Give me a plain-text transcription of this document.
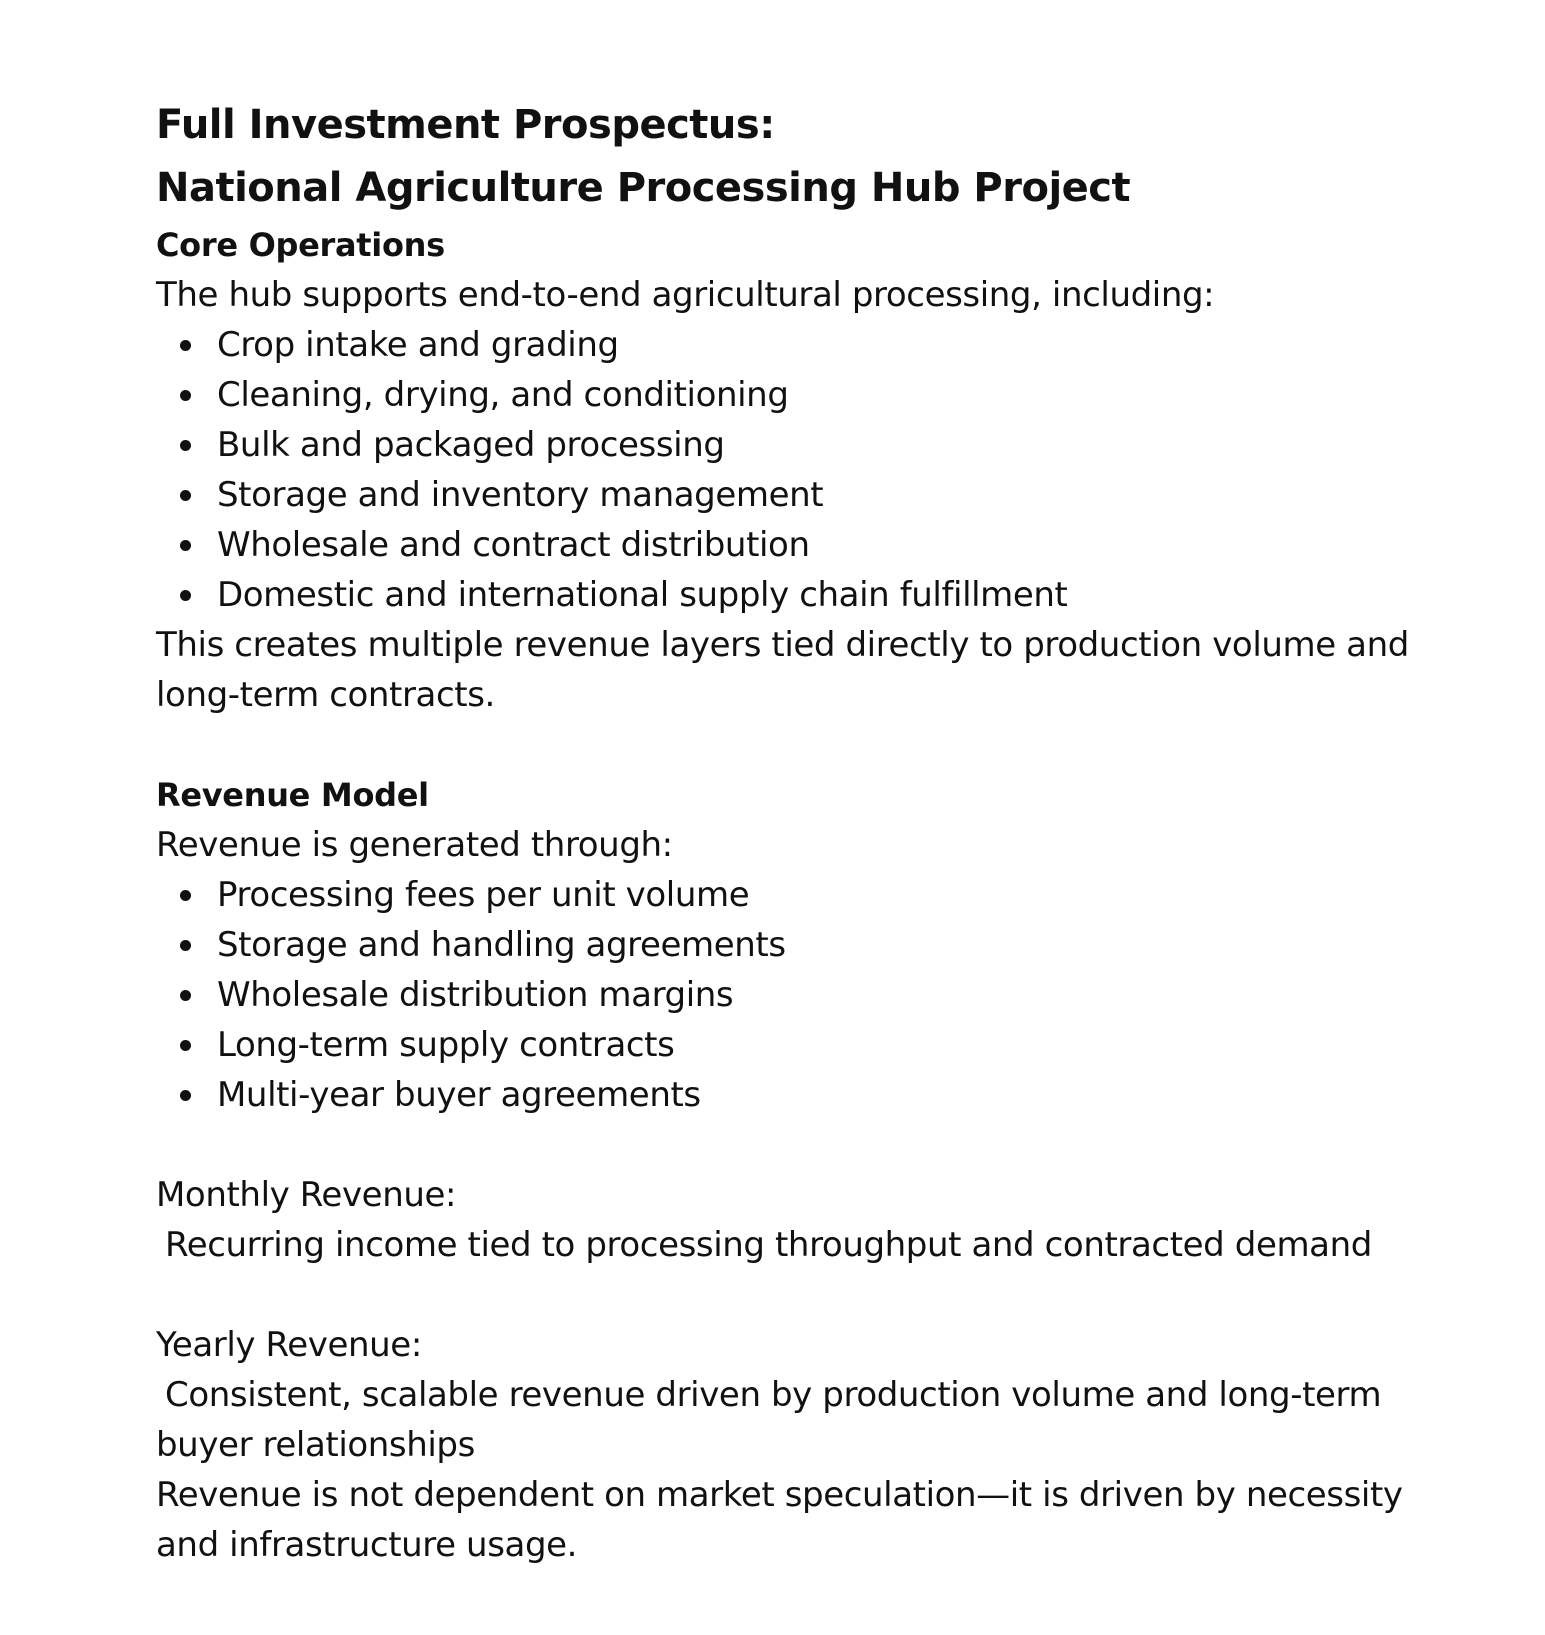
Full Investment Prospectus:
National Agriculture Processing Hub Project
Core Operations

The hub supports end-to-end agricultural processing, including:

Crop intake and grading
Cleaning, drying, and conditioning
Bulk and packaged processing
Storage and inventory management
Wholesale and contract distribution
Domestic and international supply chain fulfillment

This creates multiple revenue layers tied directly to production volume and long-term contracts.

Revenue Model

Revenue is generated through:

Processing fees per unit volume
Storage and handling agreements
Wholesale distribution margins
Long-term supply contracts
Multi-year buyer agreements

Monthly Revenue:

Recurring income tied to processing throughput and contracted demand

Yearly Revenue:

Consistent, scalable revenue driven by production volume and long-term buyer relationships

Revenue is not dependent on market speculation—it is driven by necessity and infrastructure usage.
